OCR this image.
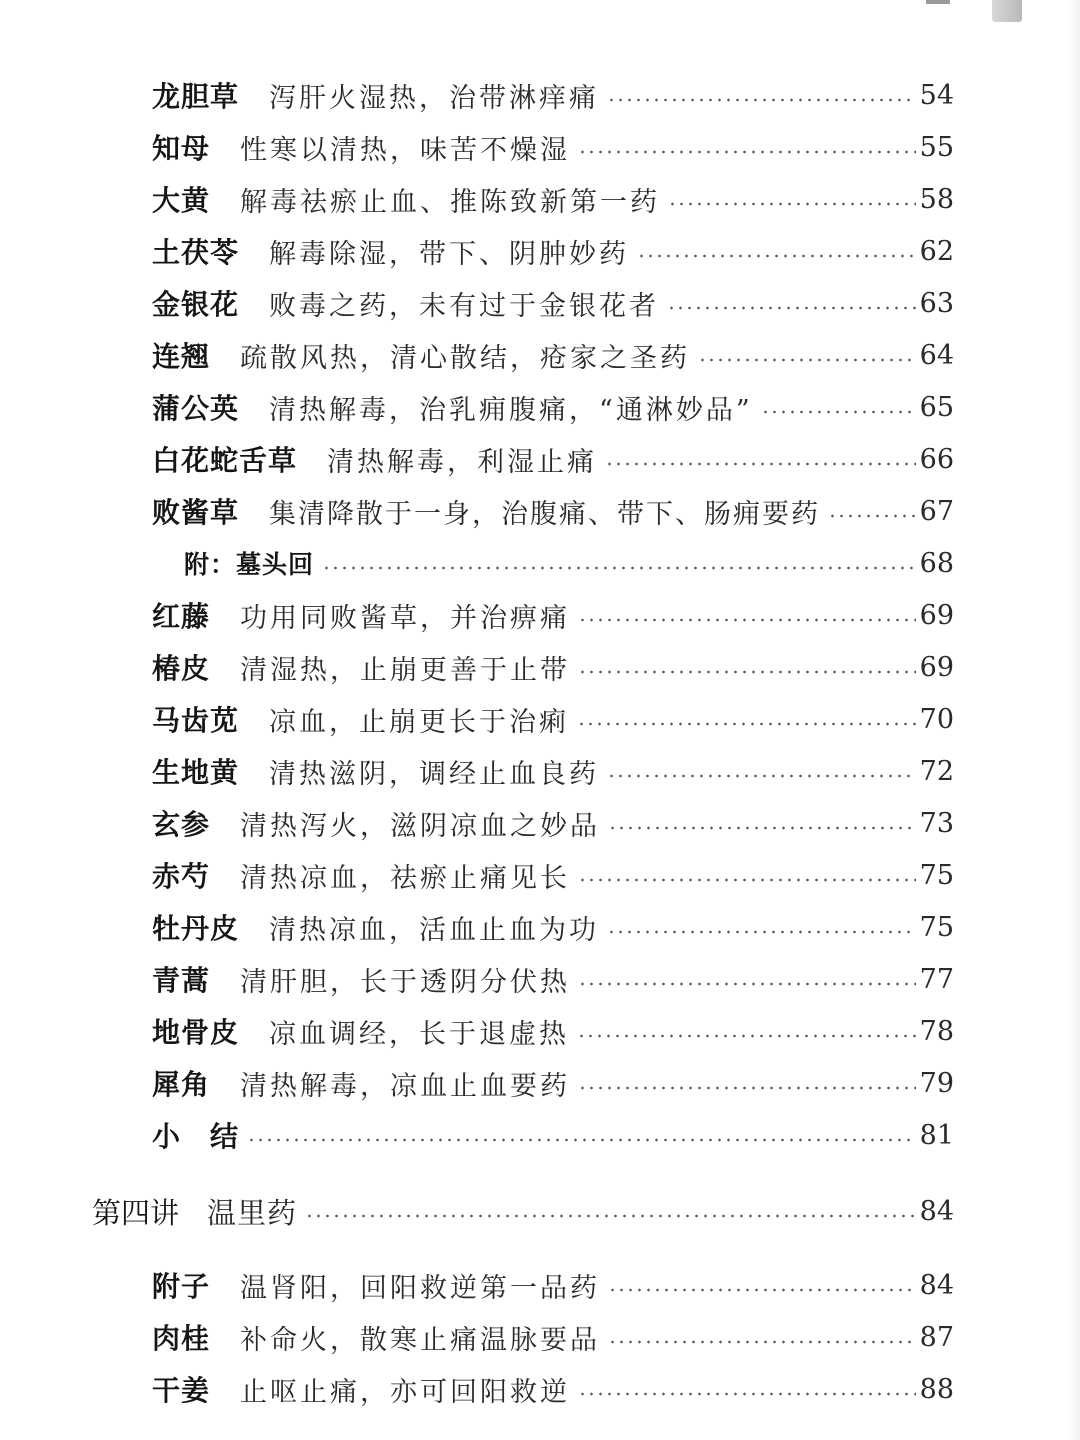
龙胆草 泻肝火湿热，治带淋痒痛	54
知母 性寒以清热，味苦不燥湿	55
大黄 解毒祛瘀止血、推陈致新第一药	58
土茯苓 解毒除湿，带下、阴肿妙药	62
金银花 败毒之药，未有过于金银花者	63
连翘 疏散风热，清心散结，疮家之圣药	64
蒲公英 清热解毒，治乳痈腹痛，“通淋妙品”	65
白花蛇舌草 清热解毒，利湿止痛	66
败酱草 集清降散于一身，治腹痛、带下、肠痈要药	67
附：墓头回	68
红藤 功用同败酱草，并治痹痛	69
椿皮 清湿热，止崩更善于止带	69
马齿苋 凉血，止崩更长于治痢	70
生地黄 清热滋阴，调经止血良药	72
玄参 清热泻火，滋阴凉血之妙品	73
赤芍 清热凉血，祛瘀止痛见长	75
牡丹皮 清热凉血，活血止血为功	75
青蒿 清肝胆，长于透阴分伏热	77
地骨皮 凉血调经，长于退虚热	78
犀角 清热解毒，凉血止血要药	79
小　结	81
第四讲 温里药	84
附子 温肾阳，回阳救逆第一品药	84
肉桂 补命火，散寒止痛温脉要品	87
干姜 止呕止痛，亦可回阳救逆	88
